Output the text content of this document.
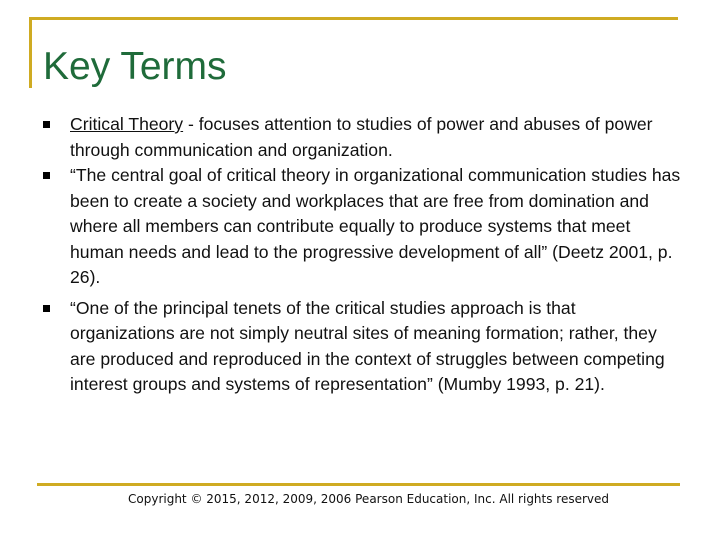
Key Terms
Critical Theory - focuses attention to studies of power and abuses of power through communication and organization.
“The central goal of critical theory in organizational communication studies has been to create a society and workplaces that are free from domination and where all members can contribute equally to produce systems that meet human needs and lead to the progressive development of all” (Deetz 2001, p. 26).
“One of the principal tenets of the critical studies approach is that organizations are not simply neutral sites of meaning formation; rather, they are produced and reproduced in the context of struggles between competing interest groups and systems of representation” (Mumby 1993, p. 21).
Copyright © 2015, 2012, 2009, 2006 Pearson Education, Inc. All rights reserved
